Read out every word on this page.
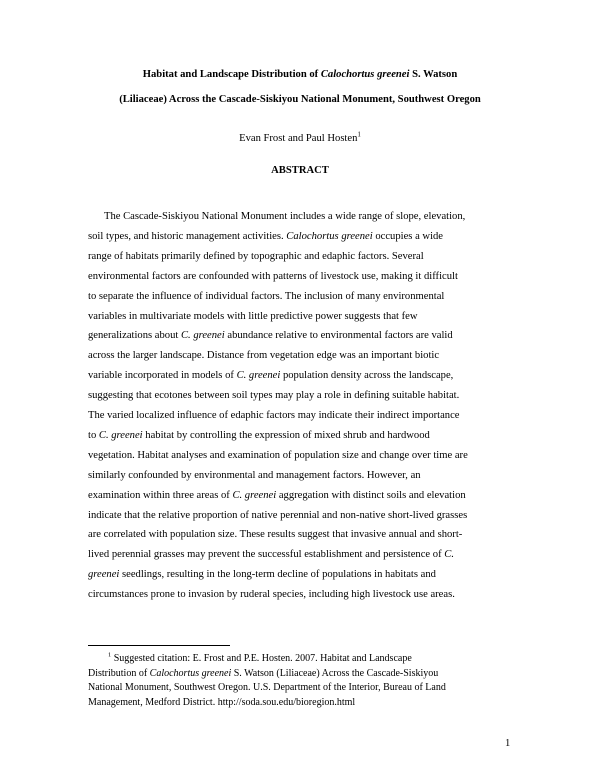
Habitat and Landscape Distribution of Calochortus greenei S. Watson
(Liliaceae) Across the Cascade-Siskiyou National Monument, Southwest Oregon
Evan Frost and Paul Hosten$^1$
ABSTRACT
The Cascade-Siskiyou National Monument includes a wide range of slope, elevation,
soil types, and historic management activities. Calochortus greenei occupies a wide
range of habitats primarily defined by topographic and edaphic factors. Several
environmental factors are confounded with patterns of livestock use, making it difficult
to separate the influence of individual factors. The inclusion of many environmental
variables in multivariate models with little predictive power suggests that few
generalizations about C. greenei abundance relative to environmental factors are valid
across the larger landscape. Distance from vegetation edge was an important biotic
variable incorporated in models of C. greenei population density across the landscape,
suggesting that ecotones between soil types may play a role in defining suitable habitat.
The varied localized influence of edaphic factors may indicate their indirect importance
to C. greenei habitat by controlling the expression of mixed shrub and hardwood
vegetation. Habitat analyses and examination of population size and change over time are
similarly confounded by environmental and management factors. However, an
examination within three areas of C. greenei aggregation with distinct soils and elevation
indicate that the relative proportion of native perennial and non-native short-lived grasses
are correlated with population size. These results suggest that invasive annual and short-
lived perennial grasses may prevent the successful establishment and persistence of C.
greenei seedlings, resulting in the long-term decline of populations in habitats and
circumstances prone to invasion by ruderal species, including high livestock use areas.
$^1$ Suggested citation: E. Frost and P.E. Hosten. 2007. Habitat and Landscape
Distribution of Calochortus greenei S. Watson (Liliaceae) Across the Cascade-Siskiyou
National Monument, Southwest Oregon. U.S. Department of the Interior, Bureau of Land
Management, Medford District. http://soda.sou.edu/bioregion.html
1
